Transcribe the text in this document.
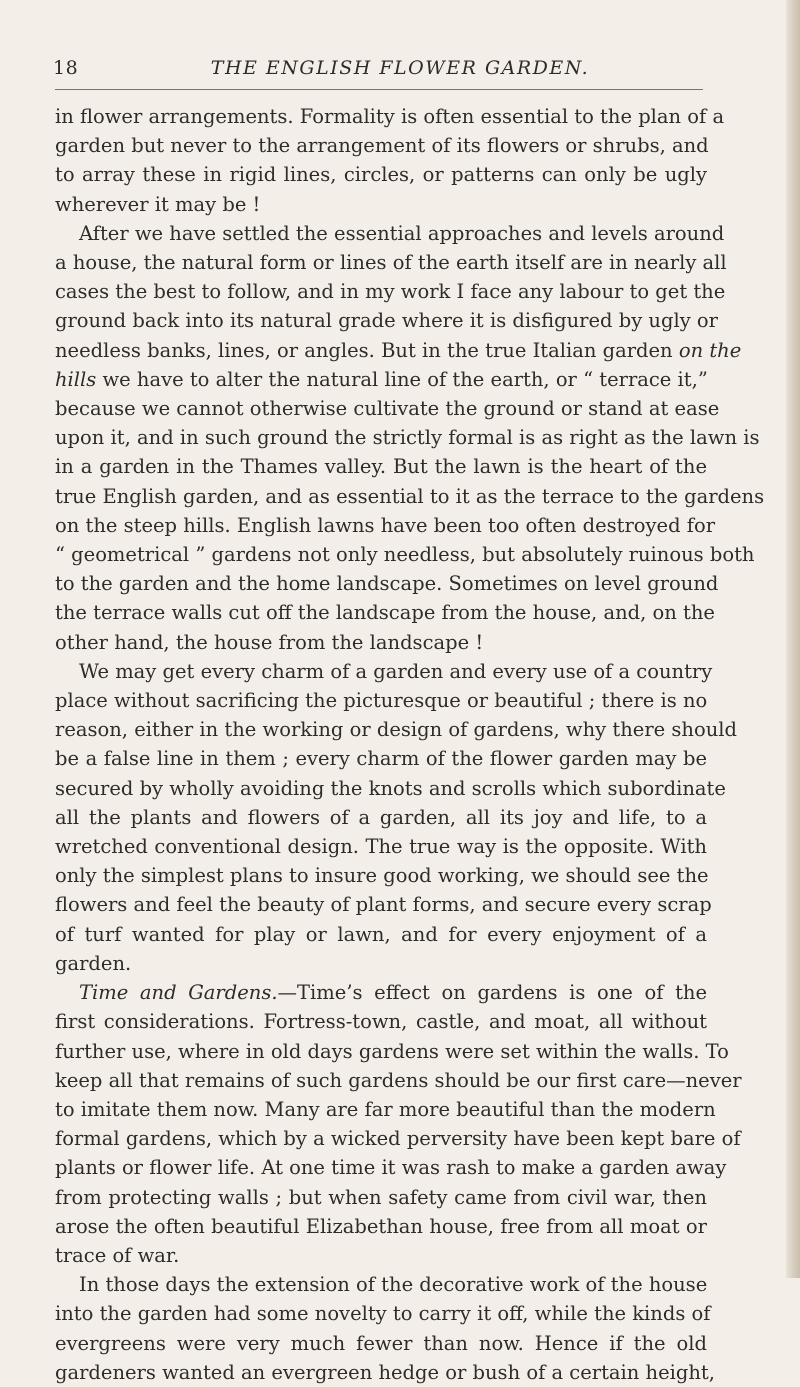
18	THE ENGLISH FLOWER GARDEN.
in flower arrangements. Formality is often essential to the plan of a
garden but never to the arrangement of its flowers or shrubs, and
to array these in rigid lines, circles, or patterns can only be ugly
wherever it may be !
After we have settled the essential approaches and levels around
a house, the natural form or lines of the earth itself are in nearly all
cases the best to follow, and in my work I face any labour to get the
ground back into its natural grade where it is disfigured by ugly or
needless banks, lines, or angles. But in the true Italian garden on the
hills we have to alter the natural line of the earth, or “ terrace it,”
because we cannot otherwise cultivate the ground or stand at ease
upon it, and in such ground the strictly formal is as right as the lawn is
in a garden in the Thames valley. But the lawn is the heart of the
true English garden, and as essential to it as the terrace to the gardens
on the steep hills. English lawns have been too often destroyed for
“ geometrical ” gardens not only needless, but absolutely ruinous both
to the garden and the home landscape. Sometimes on level ground
the terrace walls cut off the landscape from the house, and, on the
other hand, the house from the landscape !
We may get every charm of a garden and every use of a country
place without sacrificing the picturesque or beautiful ; there is no
reason, either in the working or design of gardens, why there should
be a false line in them ; every charm of the flower garden may be
secured by wholly avoiding the knots and scrolls which subordinate
all the plants and flowers of a garden, all its joy and life, to a
wretched conventional design. The true way is the opposite. With
only the simplest plans to insure good working, we should see the
flowers and feel the beauty of plant forms, and secure every scrap
of turf wanted for play or lawn, and for every enjoyment of a
garden.
Time and Gardens.—Time’s effect on gardens is one of the
first considerations. Fortress-town, castle, and moat, all without
further use, where in old days gardens were set within the walls. To
keep all that remains of such gardens should be our first care—never
to imitate them now. Many are far more beautiful than the modern
formal gardens, which by a wicked perversity have been kept bare of
plants or flower life. At one time it was rash to make a garden away
from protecting walls ; but when safety came from civil war, then
arose the often beautiful Elizabethan house, free from all moat or
trace of war.
In those days the extension of the decorative work of the house
into the garden had some novelty to carry it off, while the kinds of
evergreens were very much fewer than now. Hence if the old
gardeners wanted an evergreen hedge or bush of a certain height,
